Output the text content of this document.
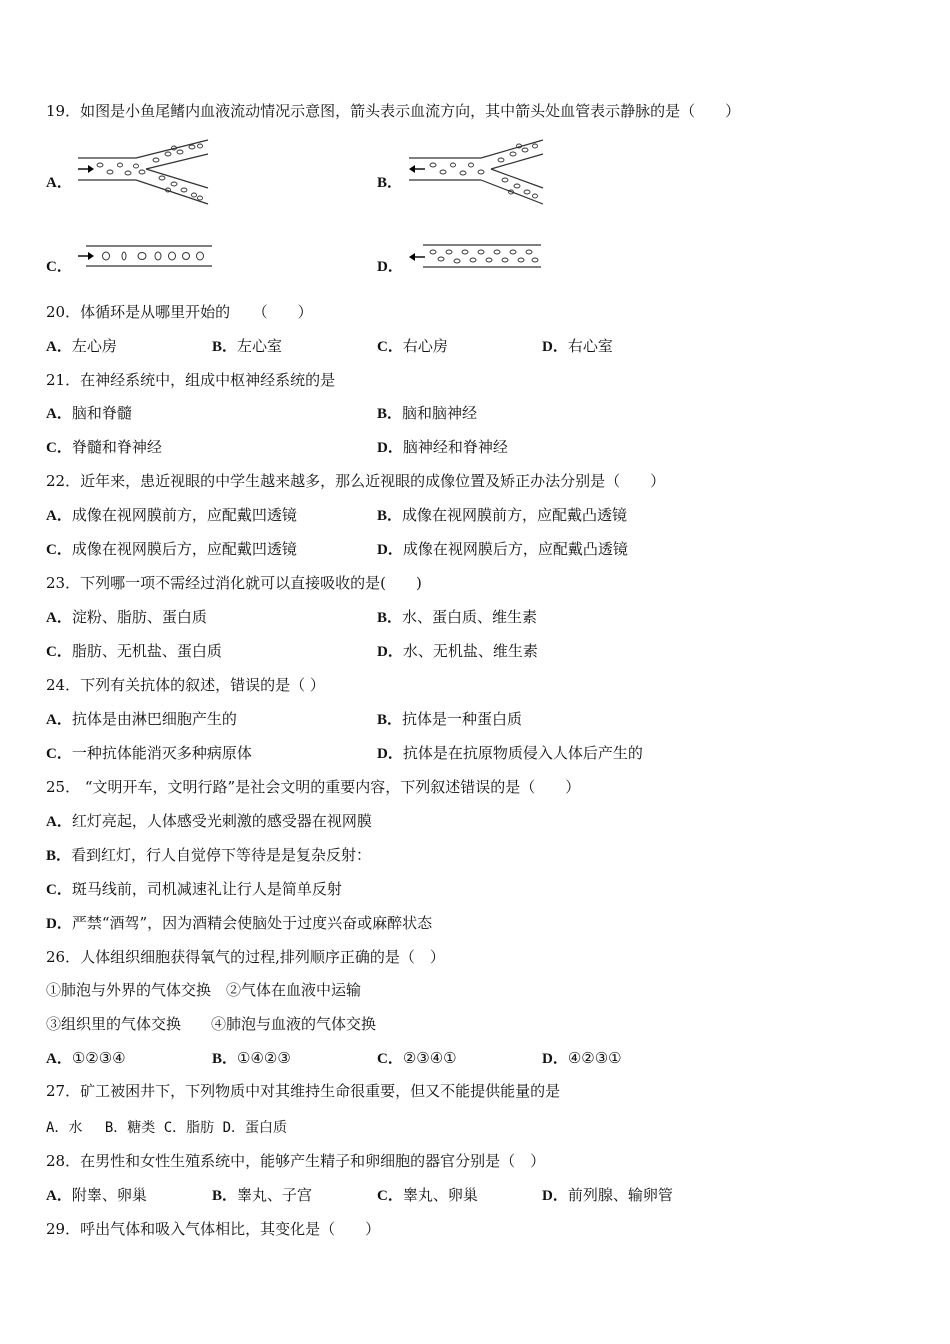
19．如图是小鱼尾鳍内血液流动情况示意图，箭头表示血流方向，其中箭头处血管表示静脉的是（　　）
A．	B．
C．	D．
20．体循环是从哪里开始的　　（　　）
A．左心房	B．左心室	C．右心房	D．右心室
21．在神经系统中，组成中枢神经系统的是
A．脑和脊髓	B．脑和脑神经
C．脊髓和脊神经	D．脑神经和脊神经
22．近年来，患近视眼的中学生越来越多，那么近视眼的成像位置及矫正办法分别是（　　）
A．成像在视网膜前方，应配戴凹透镜	B．成像在视网膜前方，应配戴凸透镜
C．成像在视网膜后方，应配戴凹透镜	D．成像在视网膜后方，应配戴凸透镜
23．下列哪一项不需经过消化就可以直接吸收的是(　　)
A．淀粉、脂肪、蛋白质	B．水、蛋白质、维生素
C．脂肪、无机盐、蛋白质	D．水、无机盐、维生素
24．下列有关抗体的叙述，错误的是（ ）
A．抗体是由淋巴细胞产生的	B．抗体是一种蛋白质
C．一种抗体能消灭多种病原体	D．抗体是在抗原物质侵入人体后产生的
25． “文明开车，文明行路”是社会文明的重要内容，下列叙述错误的是（　　）
A．红灯亮起，人体感受光刺激的感受器在视网膜
B．看到红灯，行人自觉停下等待是是复杂反射：
C．斑马线前，司机减速礼让行人是简单反射
D．严禁“酒驾”，因为酒精会使脑处于过度兴奋或麻醉状态
26．人体组织细胞获得氧气的过程,排列顺序正确的是（　）
①肺泡与外界的气体交换　②气体在血液中运输
③组织里的气体交换　　④肺泡与血液的气体交换
A．①②③④	B．①④②③	C．②③④①	D．④②③①
27．矿工被困井下，下列物质中对其维持生命很重要，但又不能提供能量的是
A．水　 B．糖类 C．脂肪 D．蛋白质
28．在男性和女性生殖系统中，能够产生精子和卵细胞的器官分别是（　）
A．附睾、卵巢	B．睾丸、子宫	C．睾丸、卵巢	D．前列腺、输卵管
29．呼出气体和吸入气体相比，其变化是（　　）
